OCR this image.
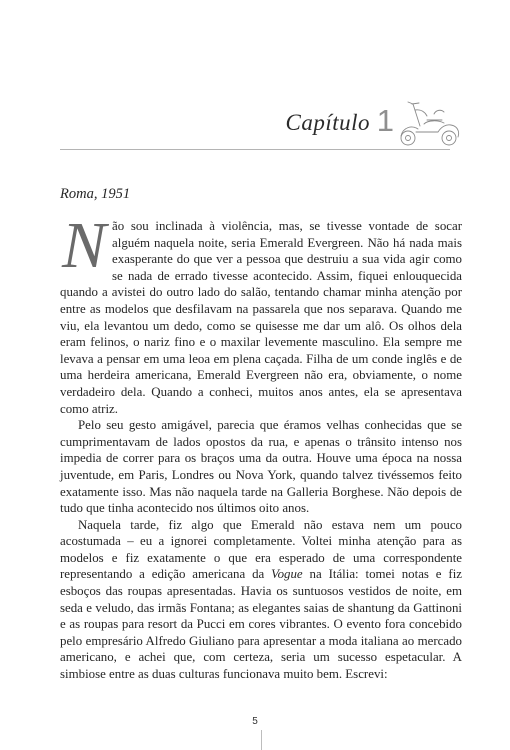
Capítulo 1
Roma, 1951

Não sou inclinada à violência, mas, se tivesse vontade de socar alguém naquela noite, seria Emerald Evergreen. Não há nada mais exasperante do que ver a pessoa que destruiu a sua vida agir como se nada de errado tivesse acontecido. Assim, fiquei enlouquecida quando a avistei do outro lado do salão, tentando chamar minha atenção por entre as modelos que desfilavam na passarela que nos separava. Quando me viu, ela levantou um dedo, como se quisesse me dar um alô. Os olhos dela eram felinos, o nariz fino e o maxilar levemente masculino. Ela sempre me levava a pensar em uma leoa em plena caçada. Filha de um conde inglês e de uma herdeira americana, Emerald Evergreen não era, obviamente, o nome verdadeiro dela. Quando a conheci, muitos anos antes, ela se apresentava como atriz.

Pelo seu gesto amigável, parecia que éramos velhas conhecidas que se cumprimentavam de lados opostos da rua, e apenas o trânsito intenso nos impedia de correr para os braços uma da outra. Houve uma época na nossa juventude, em Paris, Londres ou Nova York, quando talvez tivéssemos feito exatamente isso. Mas não naquela tarde na Galleria Borghese. Não depois de tudo que tinha acontecido nos últimos oito anos.

Naquela tarde, fiz algo que Emerald não estava nem um pouco acostumada – eu a ignorei completamente. Voltei minha atenção para as modelos e fiz exatamente o que era esperado de uma correspondente representando a edição americana da Vogue na Itália: tomei notas e fiz esboços das roupas apresentadas. Havia os suntuosos vestidos de noite, em seda e veludo, das irmãs Fontana; as elegantes saias de shantung da Gattinoni e as roupas para resort da Pucci em cores vibrantes. O evento fora concebido pelo empresário Alfredo Giuliano para apresentar a moda italiana ao mercado americano, e achei que, com certeza, seria um sucesso espetacular. A simbiose entre as duas culturas funcionava muito bem. Escrevi:

5
